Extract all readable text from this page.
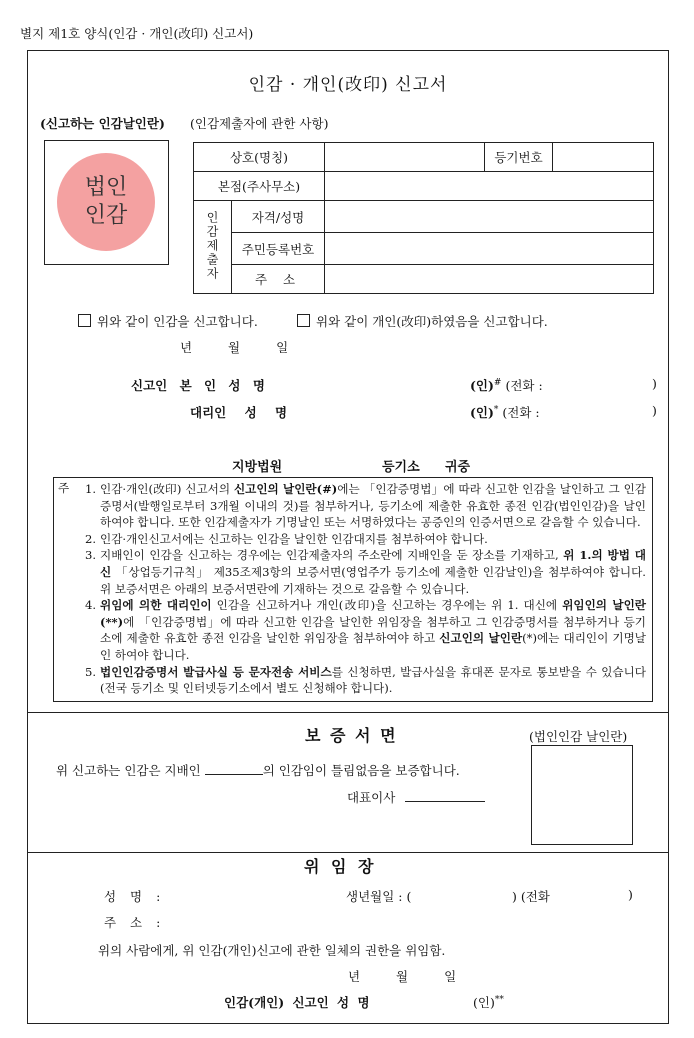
별지 제1호 양식(인감 · 개인(改印) 신고서)
인감 · 개인(改印) 신고서
(신고하는 인감날인란) (인감제출자에 관한 사항)
법인
인감
상호(명칭)			등기번호	
본점(주사무소)				
인감제출자	자격/성명			
	주민등록번호			
	주 소			
위와 같이 인감을 신고합니다.	위와 같이 개인(改印)하였음을 신고합니다.
년 월 일
신고인 본 인 성 명	(인)# (전화 :	)
대리인 성 명	(인)* (전화 :	)
지방법원	등기소 귀중
주	1. 인감·개인(改印) 신고서의 신고인의 날인란(#)에는 「인감증명법」에 따라 신고한 인감을 날인하고 그 인감증명서(발행일로부터 3개월 이내의 것)를 첨부하거나, 등기소에 제출한 유효한 종전 인감(법인인감)을 날인하여야 합니다. 또한 인감제출자가 기명날인 또는 서명하였다는 공증인의 인증서면으로 갈음할 수 있습니다.
2. 인감·개인신고서에는 신고하는 인감을 날인한 인감대지를 첨부하여야 합니다.
3. 지배인이 인감을 신고하는 경우에는 인감제출자의 주소란에 지배인을 둔 장소를 기재하고, 위 1.의 방법 대신 「상업등기규칙」 제35조제3항의 보증서면(영업주가 등기소에 제출한 인감날인)을 첨부하여야 합니다. 위 보증서면은 아래의 보증서면란에 기재하는 것으로 갈음할 수 있습니다.
4. 위임에 의한 대리인이 인감을 신고하거나 개인(改印)을 신고하는 경우에는 위 1. 대신에 위임인의 날인란(**)에 「인감증명법」에 따라 신고한 인감을 날인한 위임장을 첨부하고 그 인감증명서를 첨부하거나 등기소에 제출한 유효한 종전 인감을 날인한 위임장을 첨부하여야 하고 신고인의 날인란(*)에는 대리인이 기명날인 하여야 합니다.
5. 법인인감증명서 발급사실 등 문자전송 서비스를 신청하면, 발급사실을 휴대폰 문자로 통보받을 수 있습니다(전국 등기소 및 인터넷등기소에서 별도 신청해야 합니다).
보 증 서 면	(법인인감 날인란)
위 신고하는 인감은 지배인	의 인감임이 틀림없음을 보증합니다.
대표이사
위 임 장
성 명 :	생년월일 : (	) (전화	)
주 소 :
위의 사람에게, 위 인감(개인)신고에 관한 일체의 권한을 위임함.
년 월 일
인감(개인) 신고인 성 명	(인)**
